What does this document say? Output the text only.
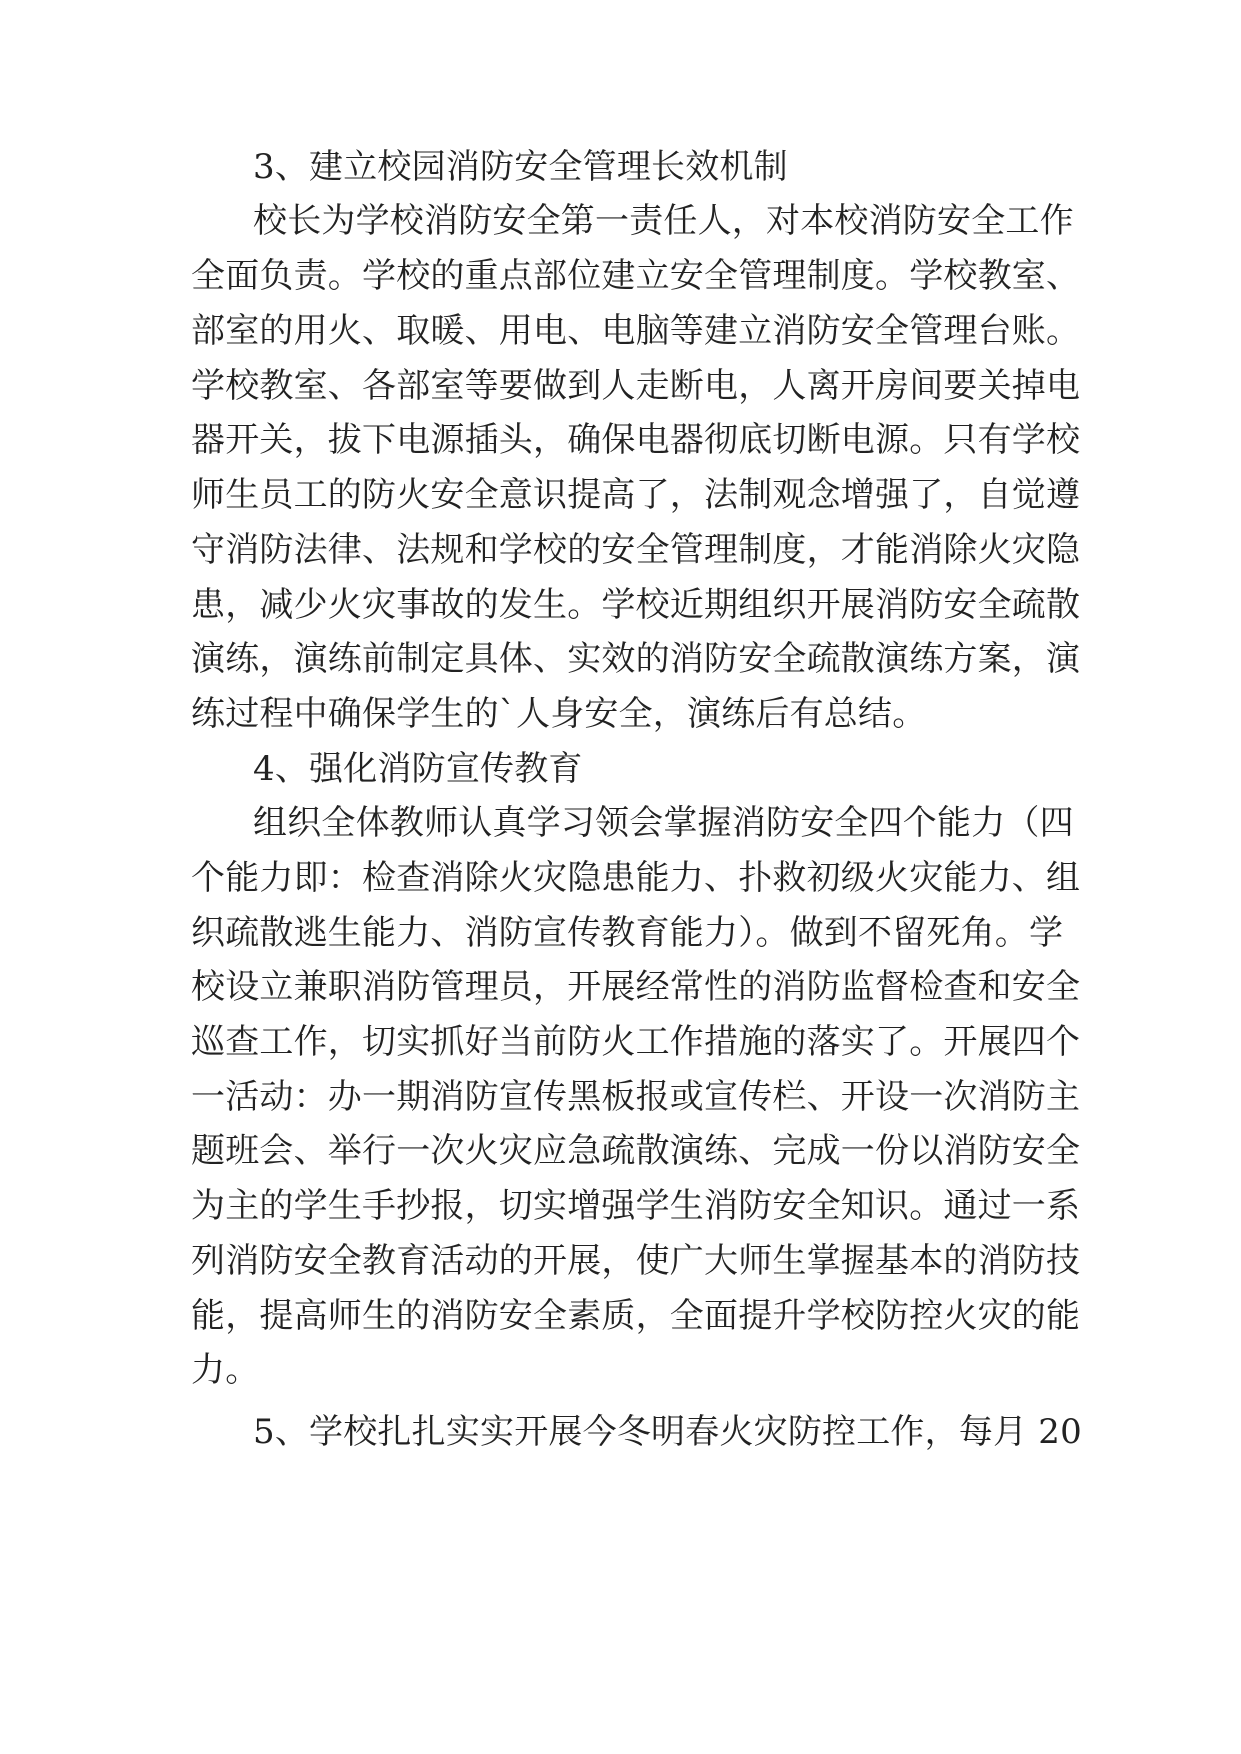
3、建立校园消防安全管理长效机制
校长为学校消防安全第一责任人，对本校消防安全工作
全面负责。学校的重点部位建立安全管理制度。学校教室、
部室的用火、取暖、用电、电脑等建立消防安全管理台账。
学校教室、各部室等要做到人走断电，人离开房间要关掉电
器开关，拔下电源插头，确保电器彻底切断电源。只有学校
师生员工的防火安全意识提高了，法制观念增强了，自觉遵
守消防法律、法规和学校的安全管理制度，才能消除火灾隐
患，减少火灾事故的发生。学校近期组织开展消防安全疏散
演练，演练前制定具体、实效的消防安全疏散演练方案，演
练过程中确保学生的`人身安全，演练后有总结。
4、强化消防宣传教育
组织全体教师认真学习领会掌握消防安全四个能力（四
个能力即：检查消除火灾隐患能力、扑救初级火灾能力、组
织疏散逃生能力、消防宣传教育能力）。做到不留死角。学
校设立兼职消防管理员，开展经常性的消防监督检查和安全
巡查工作，切实抓好当前防火工作措施的落实了。开展四个
一活动：办一期消防宣传黑板报或宣传栏、开设一次消防主
题班会、举行一次火灾应急疏散演练、完成一份以消防安全
为主的学生手抄报，切实增强学生消防安全知识。通过一系
列消防安全教育活动的开展，使广大师生掌握基本的消防技
能，提高师生的消防安全素质，全面提升学校防控火灾的能
力。
5、学校扎扎实实开展今冬明春火灾防控工作，每月 20
